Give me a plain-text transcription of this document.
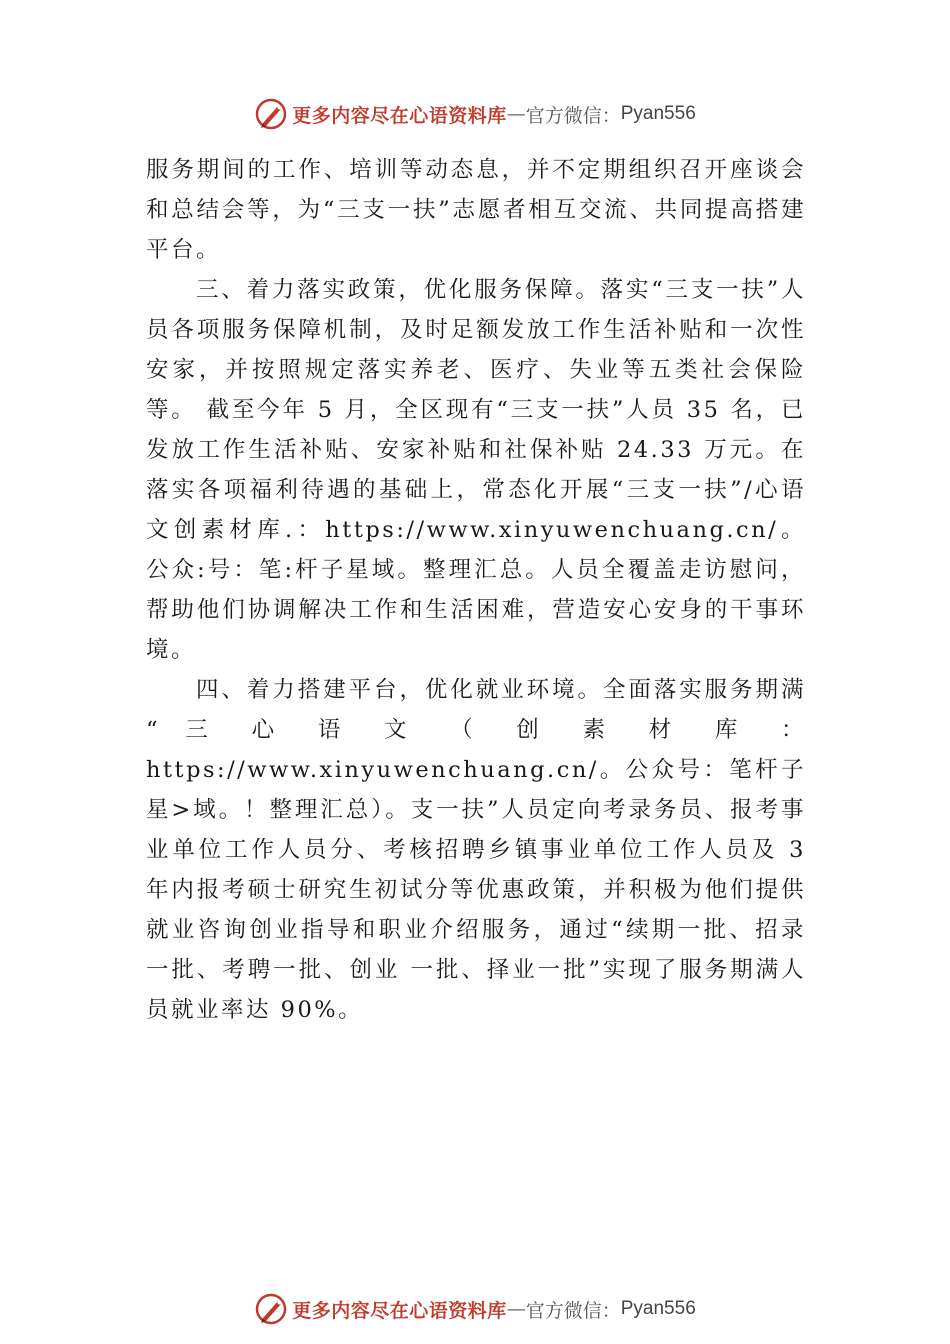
更多内容尽在心语资料库 — 官方微信： Pyan556

服务期间的工作、培训等动态息，并不定期组织召开座谈会和总结会等，为“三支一扶”志愿者相互交流、共同提高搭建平台。

三、着力落实政策，优化服务保障。落实“三支一扶”人员各项服务保障机制，及时足额发放工作生活补贴和一次性安家，并按照规定落实养老、医疗、失业等五类社会保险等。 截至今年 5 月，全区现有“三支一扶”人员 35 名，已发放工作生活补贴、安家补贴和社保补贴 24.33 万元。在落实各项福利待遇的基础上，常态化开展“三支一扶”/心语文创素材库.：https://www.xinyuwenchuang.cn/。公众:号：笔:杆子星域。整理汇总。人员全覆盖走访慰问，帮助他们协调解决工作和生活困难，营造安心安身的干事环境。

四、着力搭建平台，优化就业环境。全面落实服务期满 “ 三 心 语 文 （ 创 素 材 库 ： https://www.xinyuwenchuang.cn/。公众号：笔杆子星>域。！整理汇总）。支一扶”人员定向考录务员、报考事业单位工作人员分、考核招聘乡镇事业单位工作人员及 3 年内报考硕士研究生初试分等优惠政策，并积极为他们提供就业咨询创业指导和职业介绍服务，通过“续期一批、招录一批、考聘一批、创业 一批、择业一批”实现了服务期满人员就业率达 90%。

更多内容尽在心语资料库 — 官方微信： Pyan556
